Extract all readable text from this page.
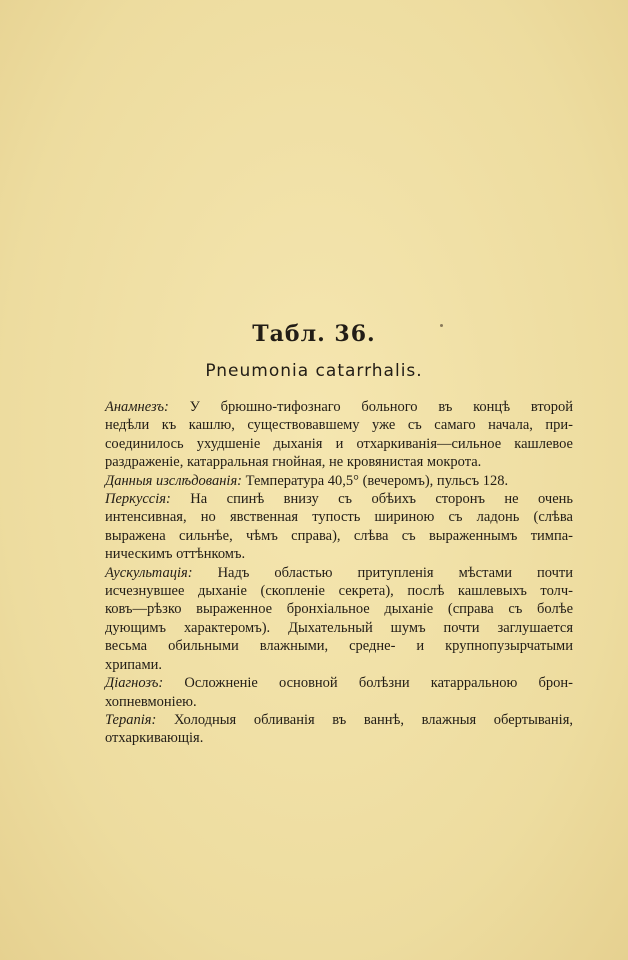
Табл. 36.
Pneumonia catarrhalis.
Анамнезъ: У брюшно-тифознаго больного въ концѣ второй
недѣли къ кашлю, существовавшему уже съ самаго начала, при-
соединилось ухудшенiе дыханiя и отхаркиванiя—сильное кашлевое
раздраженiе, катарральная гнойная, не кровянистая мокрота.
Данныя изслѣдованiя: Температура 40,5° (вечеромъ), пульсъ 128.
Перкуссiя: На спинѣ внизу съ обѣихъ сторонъ не очень
интенсивная, но явственная тупость шириною съ ладонь (слѣва
выражена сильнѣе, чѣмъ справа), слѣва съ выраженнымъ тимпа-
ническимъ оттѣнкомъ.
Аускультацiя: Надъ областью притупленiя мѣстами почти
исчезнувшее дыханiе (скопленiе секрета), послѣ кашлевыхъ толч-
ковъ—рѣзко выраженное бронхiальное дыханiе (справа съ болѣе
дующимъ характеромъ). Дыхательный шумъ почти заглушается
весьма обильными влажными, средне- и крупнопузырчатыми
хрипами.
Дiагнозъ: Осложненiе основной болѣзни катарральною брон-
хопневмонiею.
Терапiя: Холодныя обливанiя въ ваннѣ, влажныя обертыванiя,
отхаркивающiя.
